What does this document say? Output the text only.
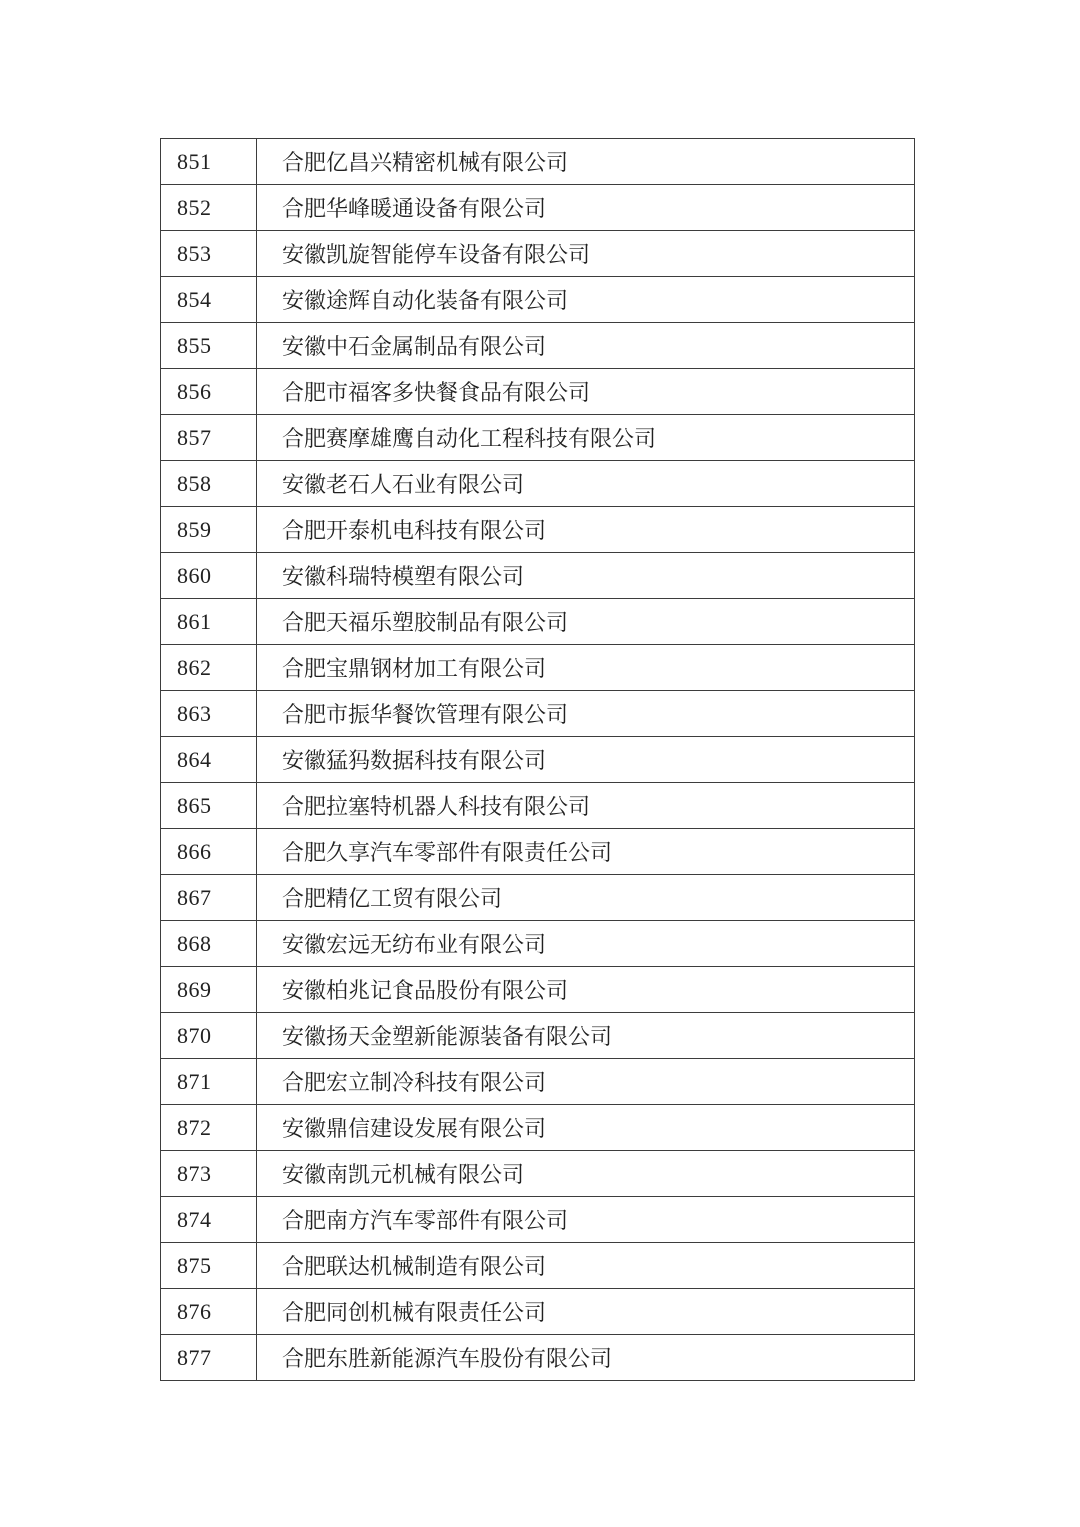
851	合肥亿昌兴精密机械有限公司
852	合肥华峰暖通设备有限公司
853	安徽凯旋智能停车设备有限公司
854	安徽途辉自动化装备有限公司
855	安徽中石金属制品有限公司
856	合肥市福客多快餐食品有限公司
857	合肥赛摩雄鹰自动化工程科技有限公司
858	安徽老石人石业有限公司
859	合肥开泰机电科技有限公司
860	安徽科瑞特模塑有限公司
861	合肥天福乐塑胶制品有限公司
862	合肥宝鼎钢材加工有限公司
863	合肥市振华餐饮管理有限公司
864	安徽猛犸数据科技有限公司
865	合肥拉塞特机器人科技有限公司
866	合肥久享汽车零部件有限责任公司
867	合肥精亿工贸有限公司
868	安徽宏远无纺布业有限公司
869	安徽柏兆记食品股份有限公司
870	安徽扬天金塑新能源装备有限公司
871	合肥宏立制冷科技有限公司
872	安徽鼎信建设发展有限公司
873	安徽南凯元机械有限公司
874	合肥南方汽车零部件有限公司
875	合肥联达机械制造有限公司
876	合肥同创机械有限责任公司
877	合肥东胜新能源汽车股份有限公司
